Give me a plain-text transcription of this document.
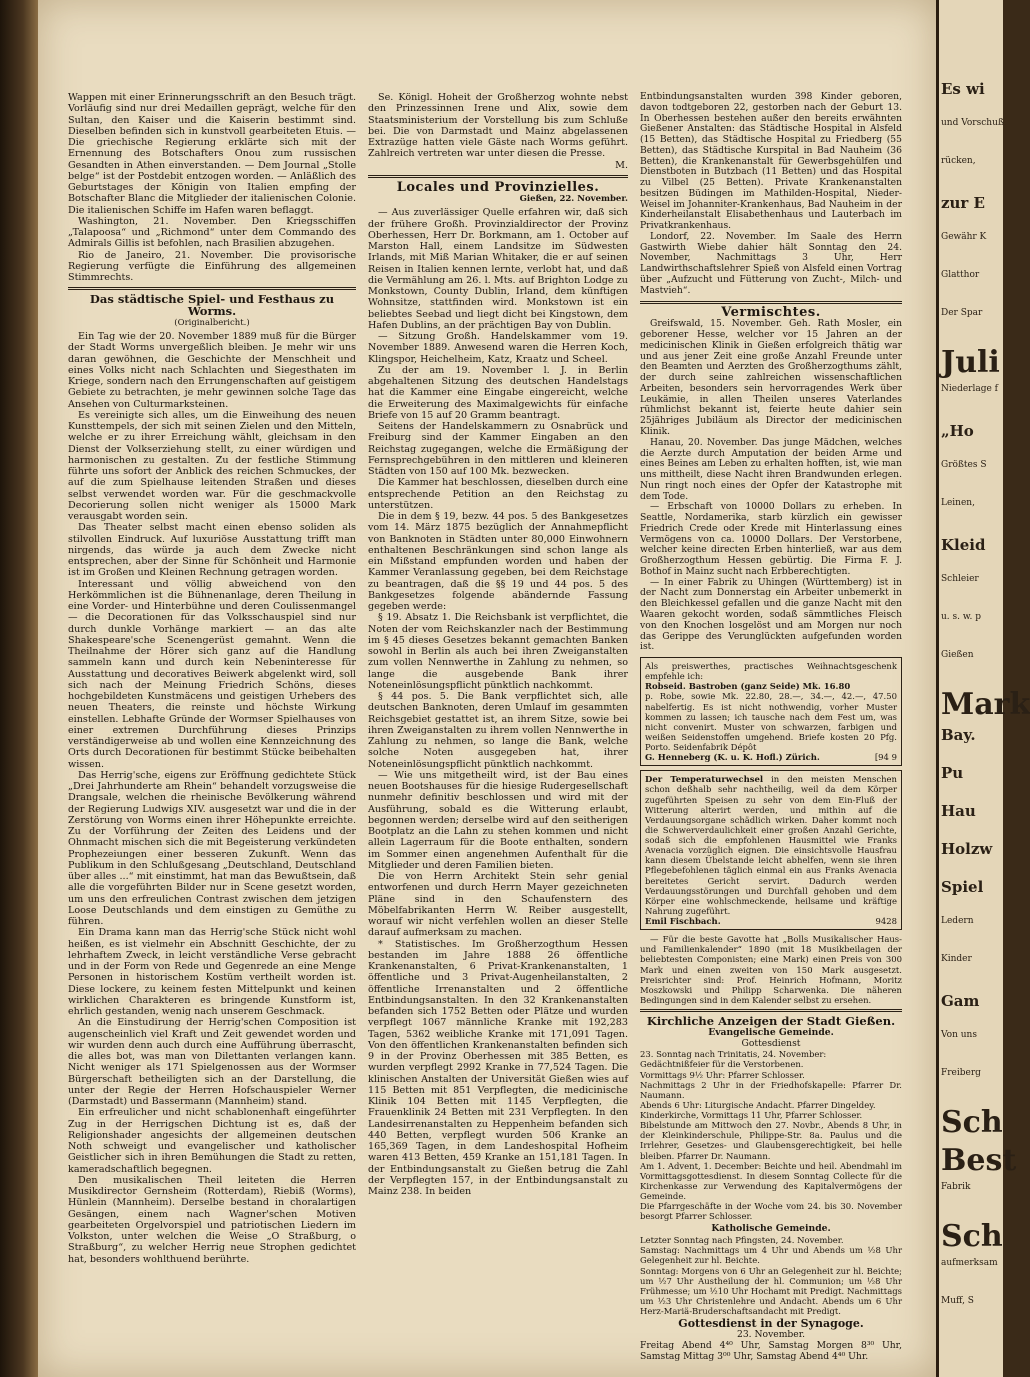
Wappen mit einer Erinnerungsschrift an den Besuch trägt. Vorläufig sind nur drei Medaillen geprägt, welche für den Sultan, den Kaiser und die Kaiserin bestimmt sind. Dieselben befinden sich in kunstvoll gearbeiteten Etuis. — Die griechische Regierung erklärte sich mit der Ernennung des Botschafters Onou zum russischen Gesandten in Athen einverstanden. — Dem Journal „Stolle belge“ ist der Postdebit entzogen worden. — Anläßlich des Geburtstages der Königin von Italien empfing der Botschafter Blanc die Mitglieder der italienischen Colonie. Die italienischen Schiffe im Hafen waren beflaggt.

Washington, 21. November. Den Kriegsschiffen „Talapoosa“ und „Richmond“ unter dem Commando des Admirals Gillis ist befohlen, nach Brasilien abzugehen.

Rio de Janeiro, 21. November. Die provisorische Regierung verfügte die Einführung des allgemeinen Stimmrechts.

Das städtische Spiel- und Festhaus zu Worms.
(Originalbericht.)

Ein Tag wie der 20. November 1889 muß für die Bürger der Stadt Worms unvergeßlich bleiben. Je mehr wir uns daran gewöhnen, die Geschichte der Menschheit und eines Volks nicht nach Schlachten und Siegesthaten im Kriege, sondern nach den Errungenschaften auf geistigem Gebiete zu betrachten, je mehr gewinnen solche Tage das Ansehen von Culturmarksteinen.

Es vereinigte sich alles, um die Einweihung des neuen Kunsttempels, der sich mit seinen Zielen und den Mitteln, welche er zu ihrer Erreichung wählt, gleichsam in den Dienst der Volkserziehung stellt, zu einer würdigen und harmonischen zu gestalten. Zu der festliche Stimmung führte uns sofort der Anblick des reichen Schmuckes, der auf die zum Spielhause leitenden Straßen und dieses selbst verwendet worden war. Für die geschmackvolle Decorierung sollen nicht weniger als 15000 Mark verausgabt worden sein.

Das Theater selbst macht einen ebenso soliden als stilvollen Eindruck. Auf luxuriöse Ausstattung trifft man nirgends, das würde ja auch dem Zwecke nicht entsprechen, aber der Sinne für Schönheit und Harmonie ist im Großen und Kleinen Rechnung getragen worden.

Interessant und völlig abweichend von den Herkömmlichen ist die Bühnenanlage, deren Theilung in eine Vorder- und Hinterbühne und deren Coulissenmangel — die Decorationen für das Volksschauspiel sind nur durch dunkle Vorhänge markiert — an das alte Shakespeare'sche Scenengerüst gemahnt. Wenn die Theilnahme der Hörer sich ganz auf die Handlung sammeln kann und durch kein Nebeninteresse für Ausstattung und decoratives Beiwerk abgelenkt wird, soll sich nach der Meinung Friedrich Schöns, dieses hochgebildeten Kunstmäcens und geistigen Urhebers des neuen Theaters, die reinste und höchste Wirkung einstellen. Lebhafte Gründe der Wormser Spielhauses von einer extremen Durchführung dieses Prinzips verständigerweise ab und wollen eine Kennzeichnung des Orts durch Decorationen für bestimmt Stücke beibehalten wissen.

Das Herrig'sche, eigens zur Eröffnung gedichtete Stück „Drei Jahrhunderte am Rhein“ behandelt vorzugsweise die Drangsale, welchen die rheinische Bevölkerung während der Regierung Ludwigs XIV. ausgesetzt war und die in der Zerstörung von Worms einen ihrer Höhepunkte erreichte. Zu der Vorführung der Zeiten des Leidens und der Ohnmacht mischen sich die mit Begeisterung verkündeten Prophezeiungen einer besseren Zukunft. Wenn das Publikum in den Schlußgesang „Deutschland, Deutschland über alles ...“ mit einstimmt, hat man das Bewußtsein, daß alle die vorgeführten Bilder nur in Scene gesetzt worden, um uns den erfreulichen Contrast zwischen dem jetzigen Loose Deutschlands und dem einstigen zu Gemüthe zu führen.

Ein Drama kann man das Herrig'sche Stück nicht wohl heißen, es ist vielmehr ein Abschnitt Geschichte, der zu lehrhaftem Zweck, in leicht verständliche Verse gebracht und in der Form von Rede und Gegenrede an eine Menge Personen in historischem Kostüm vertheilt worden ist. Diese lockere, zu keinem festen Mittelpunkt und keinen wirklichen Charakteren es bringende Kunstform ist, ehrlich gestanden, wenig nach unserem Geschmack.

An die Einstudirung der Herrig'schen Composition ist augenscheinlich viel Kraft und Zeit gewendet worden und wir wurden denn auch durch eine Aufführung überrascht, die alles bot, was man von Dilettanten verlangen kann. Nicht weniger als 171 Spielgenossen aus der Wormser Bürgerschaft betheiligten sich an der Darstellung, die unter der Regie der Herren Hofschauspieler Werner (Darmstadt) und Bassermann (Mannheim) stand.

Ein erfreulicher und nicht schablonenhaft eingeführter Zug in der Herrigschen Dichtung ist es, daß der Religionshader angesichts der allgemeinen deutschen Noth schweigt und evangelischer und katholischer Geistlicher sich in ihren Bemühungen die Stadt zu retten, kameradschaftlich begegnen.

Den musikalischen Theil leiteten die Herren Musikdirector Gernsheim (Rotterdam), Riebiß (Worms), Hünlein (Mannheim). Derselbe bestand in choralartigen Gesängen, einem nach Wagner'schen Motiven gearbeiteten Orgelvorspiel und patriotischen Liedern im Volkston, unter welchen die Weise „O Straßburg, o Straßburg“, zu welcher Herrig neue Strophen gedichtet hat, besonders wohlthuend berührte.

Se. Königl. Hoheit der Großherzog wohnte nebst den Prinzessinnen Irene und Alix, sowie dem Staatsministerium der Vorstellung bis zum Schluße bei. Die von Darmstadt und Mainz abgelassenen Extrazüge hatten viele Gäste nach Worms geführt. Zahlreich vertreten war unter diesen die Presse.

M.
Locales und Provinzielles.
Gießen, 22. November.

— Aus zuverlässiger Quelle erfahren wir, daß sich der frühere Großh. Provinzialdirector der Provinz Oberhessen, Herr Dr. Borkmann, am 1. October auf Marston Hall, einem Landsitze im Südwesten Irlands, mit Miß Marian Whitaker, die er auf seinen Reisen in Italien kennen lernte, verlobt hat, und daß die Vermählung am 26. l. Mts. auf Brighton Lodge zu Monkstown, County Dublin, Irland, dem künftigen Wohnsitze, stattfinden wird. Monkstown ist ein beliebtes Seebad und liegt dicht bei Kingstown, dem Hafen Dublins, an der prächtigen Bay von Dublin.

— Sitzung Großh. Handelskammer vom 19. November 1889. Anwesend waren die Herren Koch, Klingspor, Heichelheim, Katz, Kraatz und Scheel.

Zu der am 19. November l. J. in Berlin abgehaltenen Sitzung des deutschen Handelstags hat die Kammer eine Eingabe eingereicht, welche die Erweiterung des Maximalgewichts für einfache Briefe von 15 auf 20 Gramm beantragt.

Seitens der Handelskammern zu Osnabrück und Freiburg sind der Kammer Eingaben an den Reichstag zugegangen, welche die Ermäßigung der Fernsprechgebühren in den mittleren und kleineren Städten von 150 auf 100 Mk. bezwecken.

Die Kammer hat beschlossen, dieselben durch eine entsprechende Petition an den Reichstag zu unterstützen.

Die in dem § 19, bezw. 44 pos. 5 des Bankgesetzes vom 14. März 1875 bezüglich der Annahmepflicht von Banknoten in Städten unter 80,000 Einwohnern enthaltenen Beschränkungen sind schon lange als ein Mißstand empfunden worden und haben der Kammer Veranlassung gegeben, bei dem Reichstage zu beantragen, daß die §§ 19 und 44 pos. 5 des Bankgesetzes folgende abändernde Fassung gegeben werde:

§ 19. Absatz 1. Die Reichsbank ist verpflichtet, die Noten der vom Reichskanzler nach der Bestimmung im § 45 dieses Gesetzes bekannt gemachten Banken sowohl in Berlin als auch bei ihren Zweiganstalten zum vollen Nennwerthe in Zahlung zu nehmen, so lange die ausgebende Bank ihrer Noteneinlösungspflicht pünktlich nachkommt.

§ 44 pos. 5. Die Bank verpflichtet sich, alle deutschen Banknoten, deren Umlauf im gesammten Reichsgebiet gestattet ist, an ihrem Sitze, sowie bei ihren Zweiganstalten zu ihrem vollen Nennwerthe in Zahlung zu nehmen, so lange die Bank, welche solche Noten ausgegeben hat, ihrer Noteneinlösungspflicht pünktlich nachkommt.

— Wie uns mitgetheilt wird, ist der Bau eines neuen Bootshauses für die hiesige Rudergesellschaft nunmehr definitiv beschlossen und wird mit der Ausführung, sobald es die Witterung erlaubt, begonnen werden; derselbe wird auf den seitherigen Bootplatz an die Lahn zu stehen kommen und nicht allein Lagerraum für die Boote enthalten, sondern im Sommer einen angenehmen Aufenthalt für die Mitglieder und deren Familien bieten.

Die von Herrn Architekt Stein sehr genial entworfenen und durch Herrn Mayer gezeichneten Pläne sind in den Schaufenstern des Möbelfabrikanten Herrn W. Reiber ausgestellt, worauf wir nicht verfehlen wollen an dieser Stelle darauf aufmerksam zu machen.

* Statistisches. Im Großherzogthum Hessen bestanden im Jahre 1888 26 öffentliche Krankenanstalten, 6 Privat-Krankenanstalten, 1 öffentliche und 3 Privat-Augenheilanstalten, 2 öffentliche Irrenanstalten und 2 öffentliche Entbindungsanstalten. In den 32 Krankenanstalten befanden sich 1752 Betten oder Plätze und wurden verpflegt 1067 männliche Kranke mit 192,283 Tagen, 5362 weibliche Kranke mit 171,091 Tagen. Von den öffentlichen Krankenanstalten befinden sich 9 in der Provinz Oberhessen mit 385 Betten, es wurden verpflegt 2992 Kranke in 77,524 Tagen. Die klinischen Anstalten der Universität Gießen wies auf 115 Betten mit 851 Verpflegten, die medicinische Klinik 104 Betten mit 1145 Verpflegten, die Frauenklinik 24 Betten mit 231 Verpflegten. In den Landesirrenanstalten zu Heppenheim befanden sich 440 Betten, verpflegt wurden 506 Kranke an 165,369 Tagen, in dem Landeshospital Hofheim waren 413 Betten, 459 Kranke an 151,181 Tagen. In der Entbindungsanstalt zu Gießen betrug die Zahl der Verpflegten 157, in der Entbindungsanstalt zu Mainz 238. In beiden

Entbindungsanstalten wurden 398 Kinder geboren, davon todtgeboren 22, gestorben nach der Geburt 13. In Oberhessen bestehen außer den bereits erwähnten Gießener Anstalten: das Städtische Hospital in Alsfeld (15 Betten), das Städtische Hospital zu Friedberg (55 Betten), das Städtische Kurspital in Bad Nauheim (36 Betten), die Krankenanstalt für Gewerbsgehülfen und Dienstboten in Butzbach (11 Betten) und das Hospital zu Vilbel (25 Betten). Private Krankenanstalten besitzen Büdingen im Mathilden-Hospital, Nieder-Weisel im Johanniter-Krankenhaus, Bad Nauheim in der Kinderheilanstalt Elisabethenhaus und Lauterbach im Privatkrankenhaus.

Londorf, 22. November. Im Saale des Herrn Gastwirth Wiebe dahier hält Sonntag den 24. November, Nachmittags 3 Uhr, Herr Landwirthschaftslehrer Spieß von Alsfeld einen Vortrag über „Aufzucht und Fütterung von Zucht-, Milch- und Mastvieh“.

Vermischtes.

Greifswald, 15. November. Geh. Rath Mosler, ein geborener Hesse, welcher vor 15 Jahren an der medicinischen Klinik in Gießen erfolgreich thätig war und aus jener Zeit eine große Anzahl Freunde unter den Beamten und Aerzten des Großherzogthums zählt, der durch seine zahlreichen wissenschaftlichen Arbeiten, besonders sein hervorragendes Werk über Leukämie, in allen Theilen unseres Vaterlandes rühmlichst bekannt ist, feierte heute dahier sein 25jähriges Jubiläum als Director der medicinischen Klinik.

Hanau, 20. November. Das junge Mädchen, welches die Aerzte durch Amputation der beiden Arme und eines Beines am Leben zu erhalten hofften, ist, wie man uns mittheilt, diese Nacht ihren Brandwunden erlegen. Nun ringt noch eines der Opfer der Katastrophe mit dem Tode.

— Erbschaft von 10000 Dollars zu erheben. In Seattle, Nordamerika, starb kürzlich ein gewisser Friedrich Crede oder Krede mit Hinterlassung eines Vermögens von ca. 10000 Dollars. Der Verstorbene, welcher keine directen Erben hinterließ, war aus dem Großherzogthum Hessen gebürtig. Die Firma F. J. Bothof in Mainz sucht nach Erbberechtigten.

— In einer Fabrik zu Uhingen (Württemberg) ist in der Nacht zum Donnerstag ein Arbeiter unbemerkt in den Bleichkessel gefallen und die ganze Nacht mit den Waaren gekocht worden, sodaß sämmtliches Fleisch von den Knochen losgelöst und am Morgen nur noch das Gerippe des Verunglückten aufgefunden worden ist.

Als preiswerthes, practisches Weihnachtsgeschenk empfehle ich:
Robseid. Bastroben (ganz Seide) Mk. 16.80
p. Robe, sowie Mk. 22.80, 28.—, 34.—, 42.—, 47.50 nabelfertig. Es ist nicht nothwendig, vorher Muster kommen zu lassen; ich tausche nach dem Fest um, was nicht convenirt. Muster von schwarzen, farbigen und weißen Seidenstoffen umgehend. Briefe kosten 20 Pfg. Porto. Seidenfabrik Dépôt
G. Henneberg (K. u. K. Hofl.) Zürich.	[94 9
Der Temperaturwechsel in den meisten Menschen schon deßhalb sehr nachtheilig, weil da dem Körper zugeführten Speisen zu sehr von dem Ein-Fluß der Witterung alterirt werden, und mithin auf die Verdauungsorgane schädlich wirken. Daher kommt noch die Schwerverdaulichkeit einer großen Anzahl Gerichte, sodaß sich die empfohlenen Hausmittel wie Franks Avenacia vorzüglich eignen. Die einsichtsvolle Hausfrau kann diesem Übelstande leicht abhelfen, wenn sie ihren Pflegebefohlenen täglich einmal ein aus Franks Avenacia bereitetes Gericht servirt. Dadurch werden Verdauungsstörungen und Durchfall gehoben und dem Körper eine wohlschmeckende, heilsame und kräftige Nahrung zugeführt.
Emil Fischbach.	9428

— Für die beste Gavotte hat „Bolls Musikalischer Haus- und Familienkalender“ 1890 (mit 18 Musikbeilagen der beliebtesten Componisten; eine Mark) einen Preis von 300 Mark und einen zweiten von 150 Mark ausgesetzt. Preisrichter sind: Prof. Heinrich Hofmann, Moritz Moszkowski und Philipp Scharwenka. Die näheren Bedingungen sind in dem Kalender selbst zu ersehen.

Kirchliche Anzeigen der Stadt Gießen.
Evangelische Gemeinde.
Gottesdienst
23. Sonntag nach Trinitatis, 24. November:
Gedächtnißfeier für die Verstorbenen.
Vormittags 9½ Uhr: Pfarrer Schlosser.
Nachmittags 2 Uhr in der Friedhofskapelle: Pfarrer Dr. Naumann.
Abends 6 Uhr: Liturgische Andacht. Pfarrer Dingeldey.
Kinderkirche, Vormittags 11 Uhr, Pfarrer Schlosser.
Bibelstunde am Mittwoch den 27. Novbr., Abends 8 Uhr, in der Kleinkinderschule, Philippe-Str. 8a. Paulus und die Irrlehrer, Gesetzes- und Glaubensgerechtigkeit, bei helle bleiben. Pfarrer Dr. Naumann.
Am 1. Advent, 1. December: Beichte und heil. Abendmahl im Vormittagsgottesdienst. In diesem Sonntag Collecte für die Kirchenkasse zur Verwendung des Kapitalvermögens der Gemeinde.
Die Pfarrgeschäfte in der Woche vom 24. bis 30. November besorgt Pfarrer Schlosser.
Katholische Gemeinde.
Letzter Sonntag nach Pfingsten, 24. November.
Samstag: Nachmittags um 4 Uhr und Abends um ½8 Uhr Gelegenheit zur hl. Beichte.
Sonntag: Morgens von 6 Uhr an Gelegenheit zur hl. Beichte; um ½7 Uhr Austheilung der hl. Communion; um ½8 Uhr Frühmesse; um ½10 Uhr Hochamt mit Predigt. Nachmittags um ½3 Uhr Christenlehre und Andacht. Abends um 6 Uhr Herz-Mariä-Bruderschaftsandacht mit Predigt.
Gottesdienst in der Synagoge.
23. November.
Freitag Abend 4⁴⁰ Uhr, Samstag Morgen 8³⁰ Uhr, Samstag Mittag 3⁰⁰ Uhr, Samstag Abend 4⁴⁰ Uhr.
Es wi
und Vorschuß
rücken,
zur E
Gewähr K
Glatthor
Der Spar
Juli
Niederlage f
„Ho
Größtes S
Leinen,
Kleid
Schleier
u. s. w. p
Gießen
Mark
Bay.
Pu
Hau
Holzw
Spiel
Ledern
Kinder
Gam
Von uns
Freiberg
Sch
Best
Fabrik
Sch
aufmerksam
Muff, S
